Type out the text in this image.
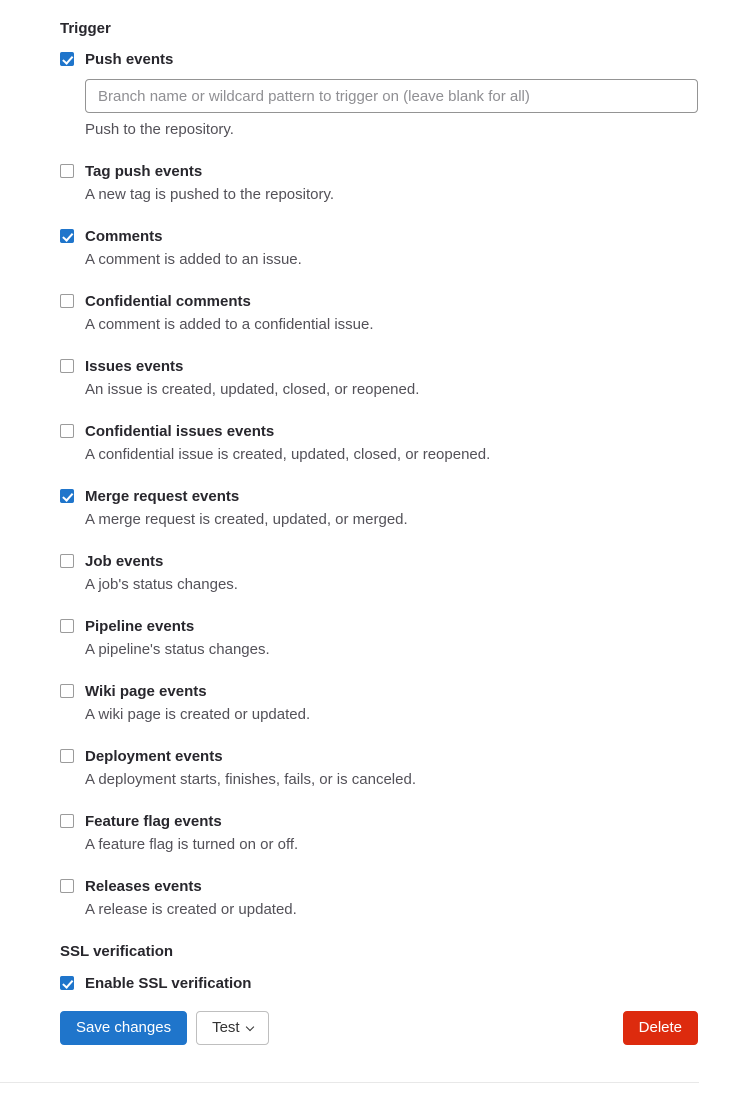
Trigger
Push events
Branch name or wildcard pattern to trigger on (leave blank for all)
Push to the repository.
Tag push events
A new tag is pushed to the repository.
Comments
A comment is added to an issue.
Confidential comments
A comment is added to a confidential issue.
Issues events
An issue is created, updated, closed, or reopened.
Confidential issues events
A confidential issue is created, updated, closed, or reopened.
Merge request events
A merge request is created, updated, or merged.
Job events
A job's status changes.
Pipeline events
A pipeline's status changes.
Wiki page events
A wiki page is created or updated.
Deployment events
A deployment starts, finishes, fails, or is canceled.
Feature flag events
A feature flag is turned on or off.
Releases events
A release is created or updated.
SSL verification
Enable SSL verification
Save changes	Test	Delete
